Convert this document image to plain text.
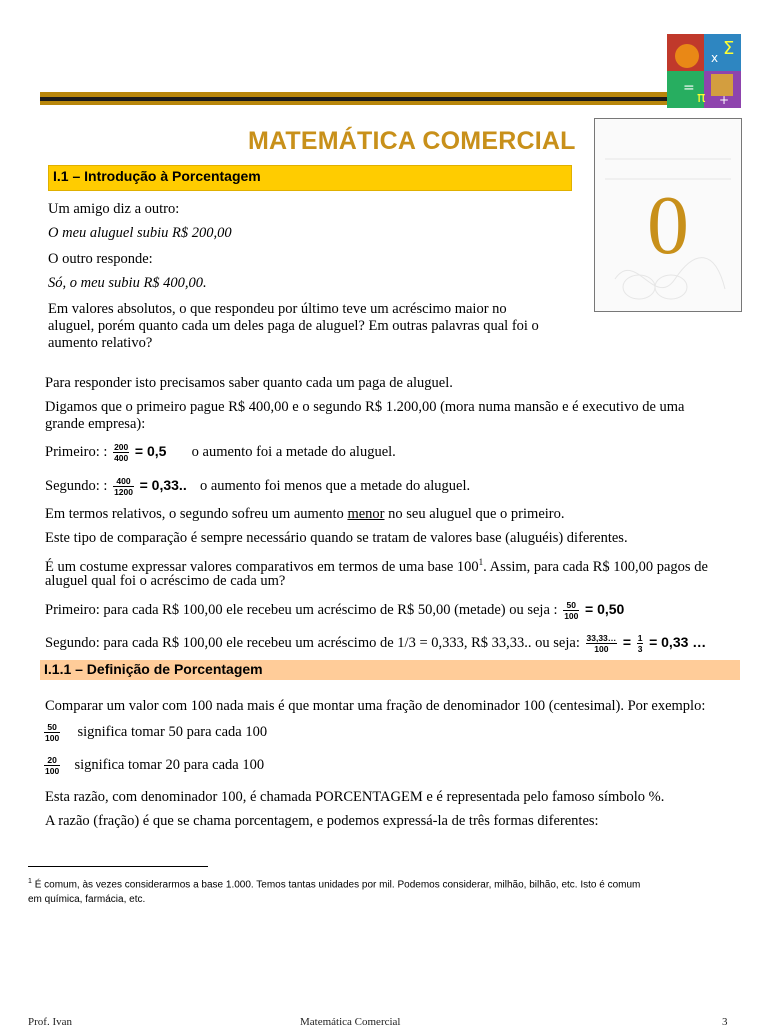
Σ
x
=
π +
MATEMÁTICA COMERCIAL
I.1 – Introdução à Porcentagem
0
Um amigo diz a outro:
O meu aluguel subiu R$ 200,00
O outro responde:
Só, o meu subiu R$ 400,00.
Em valores absolutos, o que respondeu por último teve um acréscimo maior no
aluguel, porém quanto cada um deles paga de aluguel? Em outras palavras qual foi o
aumento relativo?
Para responder isto precisamos saber quanto cada um paga de aluguel.
Digamos que o primeiro pague R$ 400,00 e o segundo R$ 1.200,00 (mora numa mansão e é executivo de uma
grande empresa):
Primeiro: : $\frac{200}{400} = 0,5$ o aumento foi a metade do aluguel.
Segundo: : $\frac{400}{1200} = 0,33$.. o aumento foi menos que a metade do aluguel.
Em termos relativos, o segundo sofreu um aumento menor no seu aluguel que o primeiro.
Este tipo de comparação é sempre necessário quando se tratam de valores base (aluguéis) diferentes.
É um costume expressar valores comparativos em termos de uma base $100^1$. Assim, para cada R$ 100,00 pagos de
aluguel qual foi o acréscimo de cada um?
Primeiro: para cada R$ 100,00 ele recebeu um acréscimo de R$ 50,00 (metade) ou seja : $\frac{50}{100} = 0,50$
Segundo: para cada R$ 100,00 ele recebeu um acréscimo de 1/3 = 0,333, R$ 33,33.. ou seja: $\frac{33,33\dots}{100} = \frac{1}{3} = 0,33$ …
I.1.1 – Definição de Porcentagem
Comparar um valor com 100 nada mais é que montar uma fração de denominador 100 (centesimal). Por exemplo:
$\frac{50}{100}$ significa tomar 50 para cada 100
$\frac{20}{100}$ significa tomar 20 para cada 100
Esta razão, com denominador 100, é chamada PORCENTAGEM e é representada pelo famoso símbolo %.
A razão (fração) é que se chama porcentagem, e podemos expressá-la de três formas diferentes:
$^1$ É comum, às vezes considerarmos a base 1.000. Temos tantas unidades por mil. Podemos considerar, milhão, bilhão, etc. Isto é comum
em química, farmácia, etc.
Prof. Ivan	Matemática Comercial	3
